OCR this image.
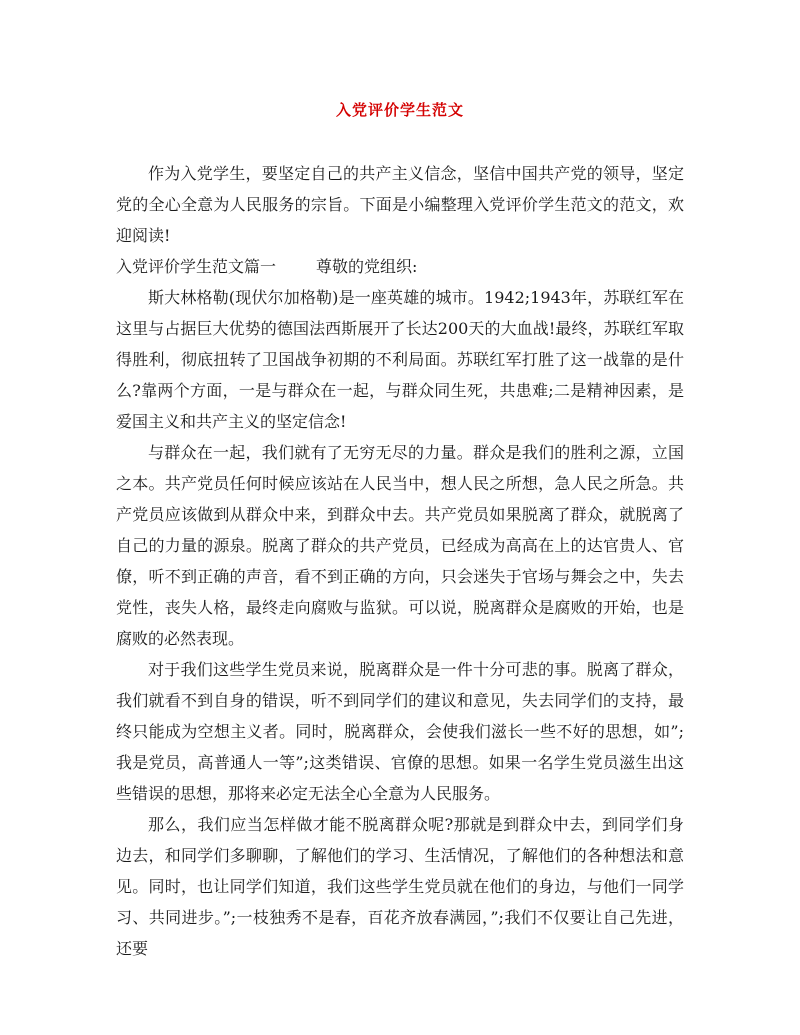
入党评价学生范文

作为入党学生，要坚定自己的共产主义信念，坚信中国共产党的领导，坚定党的全心全意为人民服务的宗旨。下面是小编整理入党评价学生范文的范文，欢迎阅读!

入党评价学生范文篇一	尊敬的党组织:

斯大林格勒(现伏尔加格勒)是一座英雄的城市。1942;1943年，苏联红军在这里与占据巨大优势的德国法西斯展开了长达200天的大血战!最终，苏联红军取得胜利，彻底扭转了卫国战争初期的不利局面。苏联红军打胜了这一战靠的是什么?靠两个方面，一是与群众在一起，与群众同生死，共患难;二是精神因素，是爱国主义和共产主义的坚定信念!

与群众在一起，我们就有了无穷无尽的力量。群众是我们的胜利之源，立国之本。共产党员任何时候应该站在人民当中，想人民之所想，急人民之所急。共产党员应该做到从群众中来，到群众中去。共产党员如果脱离了群众，就脱离了自己的力量的源泉。脱离了群众的共产党员，已经成为高高在上的达官贵人、官僚，听不到正确的声音，看不到正确的方向，只会迷失于官场与舞会之中，失去党性，丧失人格，最终走向腐败与监狱。可以说，脱离群众是腐败的开始，也是腐败的必然表现。

对于我们这些学生党员来说，脱离群众是一件十分可悲的事。脱离了群众，我们就看不到自身的错误，听不到同学们的建议和意见，失去同学们的支持，最终只能成为空想主义者。同时，脱离群众，会使我们滋长一些不好的思想，如”;我是党员，高普通人一等”;这类错误、官僚的思想。如果一名学生党员滋生出这些错误的思想，那将来必定无法全心全意为人民服务。

那么，我们应当怎样做才能不脱离群众呢?那就是到群众中去，到同学们身边去，和同学们多聊聊，了解他们的学习、生活情况，了解他们的各种想法和意见。同时，也让同学们知道，我们这些学生党员就在他们的身边，与他们一同学习、共同进步。”;一枝独秀不是春，百花齐放春满园，”;我们不仅要让自己先进，还要
